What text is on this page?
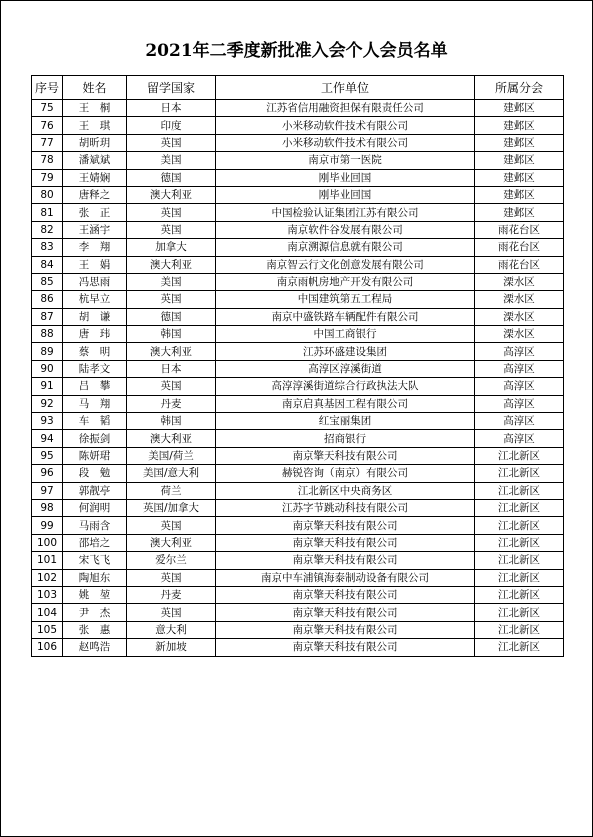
2021年二季度新批准入会个人会员名单
序号	姓名	留学国家	工作单位	所属分会
75	王　桐	日本	江苏省信用融资担保有限责任公司	建邺区
76	王　琪	印度	小米移动软件技术有限公司	建邺区
77	胡昕玥	英国	小米移动软件技术有限公司	建邺区
78	潘斌斌	美国	南京市第一医院	建邺区
79	王婧娴	德国	刚毕业回国	建邺区
80	唐释之	澳大利亚	刚毕业回国	建邺区
81	张　正	英国	中国检验认证集团江苏有限公司	建邺区
82	王涵宇	英国	南京软件谷发展有限公司	雨花台区
83	李　翔	加拿大	南京溯源信息就有限公司	雨花台区
84	王　娟	澳大利亚	南京智云行文化创意发展有限公司	雨花台区
85	冯思雨	美国	南京雨帆房地产开发有限公司	溧水区
86	杭早立	英国	中国建筑第五工程局	溧水区
87	胡　谦	德国	南京中盛铁路车辆配件有限公司	溧水区
88	唐　玮	韩国	中国工商银行	溧水区
89	蔡　明	澳大利亚	江苏环盛建设集团	高淳区
90	陆孝文	日本	高淳区淳溪街道	高淳区
91	吕　攀	英国	高淳淳溪街道综合行政执法大队	高淳区
92	马　翔	丹麦	南京启真基因工程有限公司	高淳区
93	车　韬	韩国	红宝丽集团	高淳区
94	徐振剑	澳大利亚	招商银行	高淳区
95	陈妍珺	美国/荷兰	南京擎天科技有限公司	江北新区
96	段　勉	美国/意大利	赫锐咨询（南京）有限公司	江北新区
97	郭靓亭	荷兰	江北新区中央商务区	江北新区
98	何润明	英国/加拿大	江苏字节跳动科技有限公司	江北新区
99	马雨含	英国	南京擎天科技有限公司	江北新区
100	邵培之	澳大利亚	南京擎天科技有限公司	江北新区
101	宋飞飞	爱尔兰	南京擎天科技有限公司	江北新区
102	陶旭东	英国	南京中车浦镇海泰制动设备有限公司	江北新区
103	姚　堃	丹麦	南京擎天科技有限公司	江北新区
104	尹　杰	英国	南京擎天科技有限公司	江北新区
105	张　惠	意大利	南京擎天科技有限公司	江北新区
106	赵鸣浩	新加坡	南京擎天科技有限公司	江北新区
